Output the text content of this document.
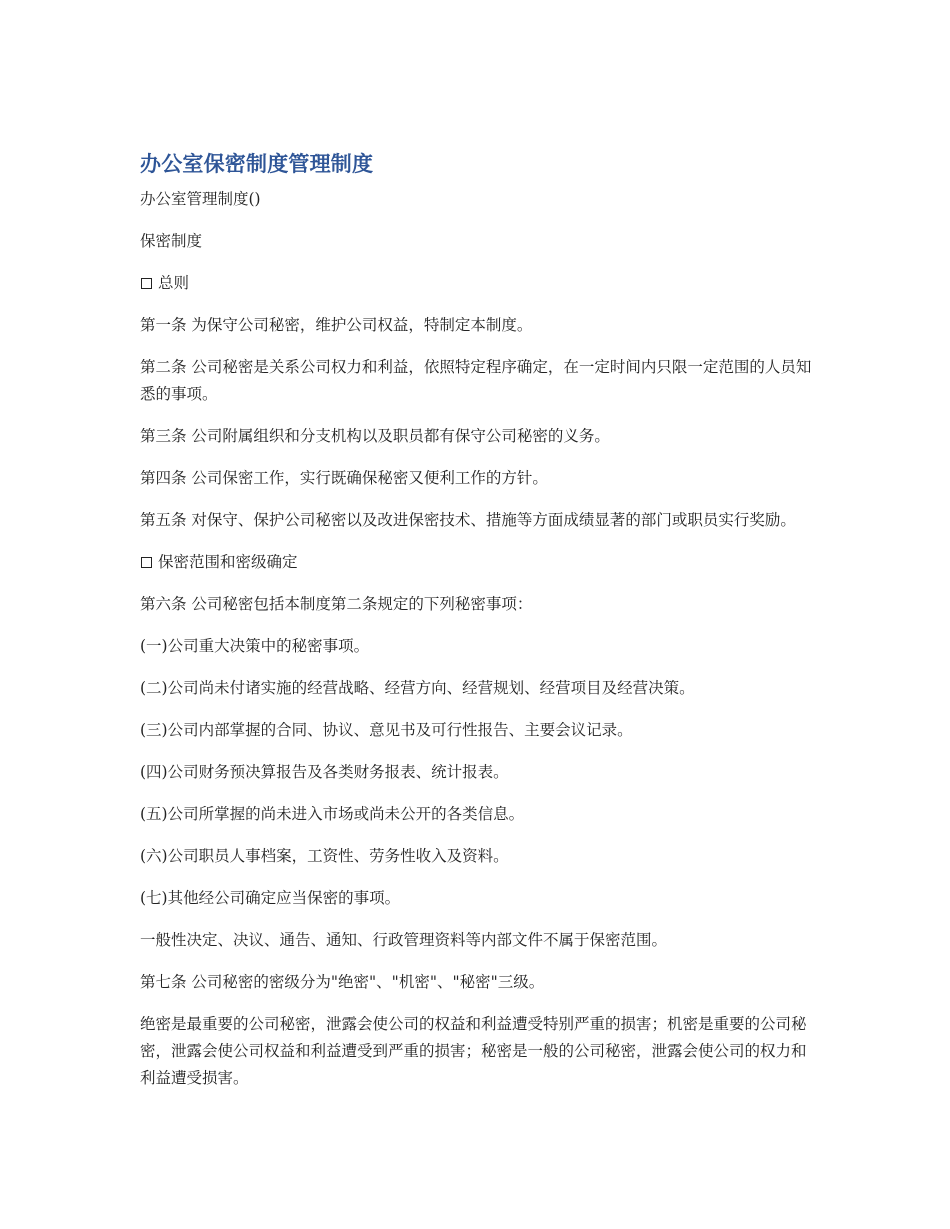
办公室保密制度管理制度

办公室管理制度()

保密制度

总则

第一条 为保守公司秘密，维护公司权益，特制定本制度。

第二条 公司秘密是关系公司权力和利益，依照特定程序确定，在一定时间内只限一定范围的人员知悉的事项。

第三条 公司附属组织和分支机构以及职员都有保守公司秘密的义务。

第四条 公司保密工作，实行既确保秘密又便利工作的方针。

第五条 对保守、保护公司秘密以及改进保密技术、措施等方面成绩显著的部门或职员实行奖励。

保密范围和密级确定

第六条 公司秘密包括本制度第二条规定的下列秘密事项：

(一)公司重大决策中的秘密事项。

(二)公司尚未付诸实施的经营战略、经营方向、经营规划、经营项目及经营决策。

(三)公司内部掌握的合同、协议、意见书及可行性报告、主要会议记录。

(四)公司财务预决算报告及各类财务报表、统计报表。

(五)公司所掌握的尚未进入市场或尚未公开的各类信息。

(六)公司职员人事档案，工资性、劳务性收入及资料。

(七)其他经公司确定应当保密的事项。

一般性决定、决议、通告、通知、行政管理资料等内部文件不属于保密范围。

第七条 公司秘密的密级分为"绝密"、"机密"、"秘密"三级。

绝密是最重要的公司秘密，泄露会使公司的权益和利益遭受特别严重的损害；机密是重要的公司秘密，泄露会使公司权益和利益遭受到严重的损害；秘密是一般的公司秘密，泄露会使公司的权力和利益遭受损害。
